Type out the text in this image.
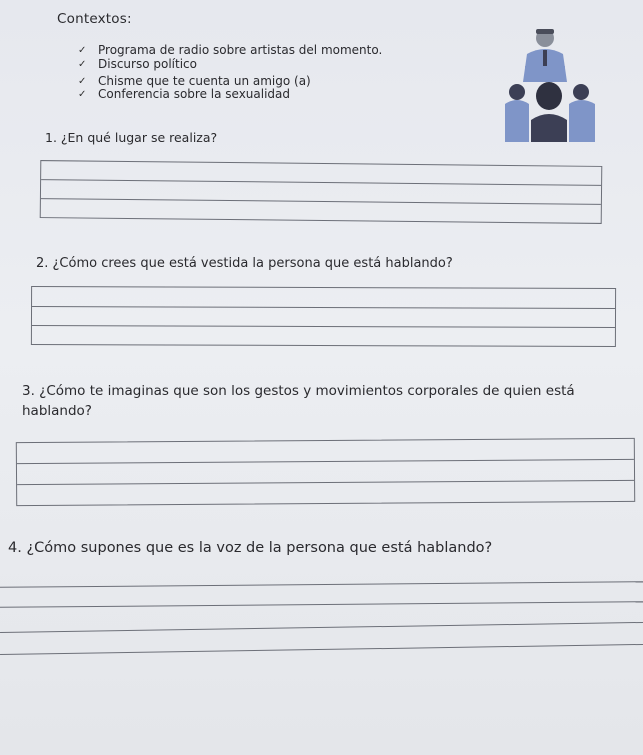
Contextos:
✓ Programa de radio sobre artistas del momento.
✓ Discurso político
✓ Chisme que te cuenta un amigo (a)
✓ Conferencia sobre la sexualidad
1. ¿En qué lugar se realiza?
2. ¿Cómo crees que está vestida la persona que está hablando?
3. ¿Cómo te imaginas que son los gestos y movimientos corporales de quien está hablando?
4. ¿Cómo supones que es la voz de la persona que está hablando?
